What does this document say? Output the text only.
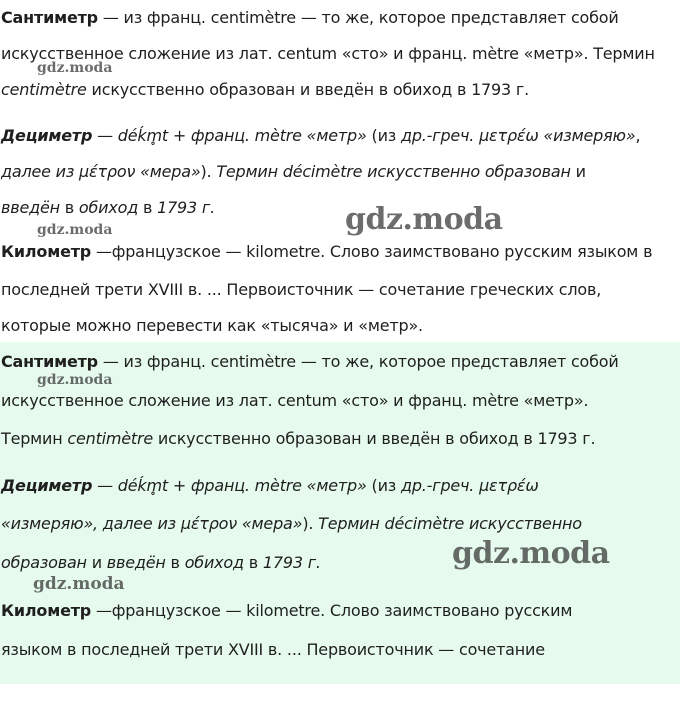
Сантиметр — из франц. centimètre — то же, которое представляет собой
искусственное сложение из лат. centum «сто» и франц. mètre «метр». Термин
centimètre искусственно образован и введён в обиход в 1793 г.
Дециметр — déḱm̥t + франц. mètre «метр» (из др.-греч. μετρέω «измеряю»,
далее из μέτρον «мера»). Термин décimètre искусственно образован и
введён в обиход в 1793 г.
Километр —французское — kilometre. Слово заимствовано русским языком в
последней трети XVIII в. ... Первоисточник — сочетание греческих слов,
которые можно перевести как «тысяча» и «метр».
gdz.moda
gdz.moda	gdz.moda
Сантиметр — из франц. centimètre — то же, которое представляет собой
искусственное сложение из лат. centum «сто» и франц. mètre «метр».
Термин centimètre искусственно образован и введён в обиход в 1793 г.
Дециметр — déḱm̥t + франц. mètre «метр» (из др.-греч. μετρέω
«измеряю», далее из μέτρον «мера»). Термин décimètre искусственно
образован и введён в обиход в 1793 г.
Километр —французское — kilometre. Слово заимствовано русским
языком в последней трети XVIII в. ... Первоисточник — сочетание
gdz.moda
gdz.moda
gdz.moda
